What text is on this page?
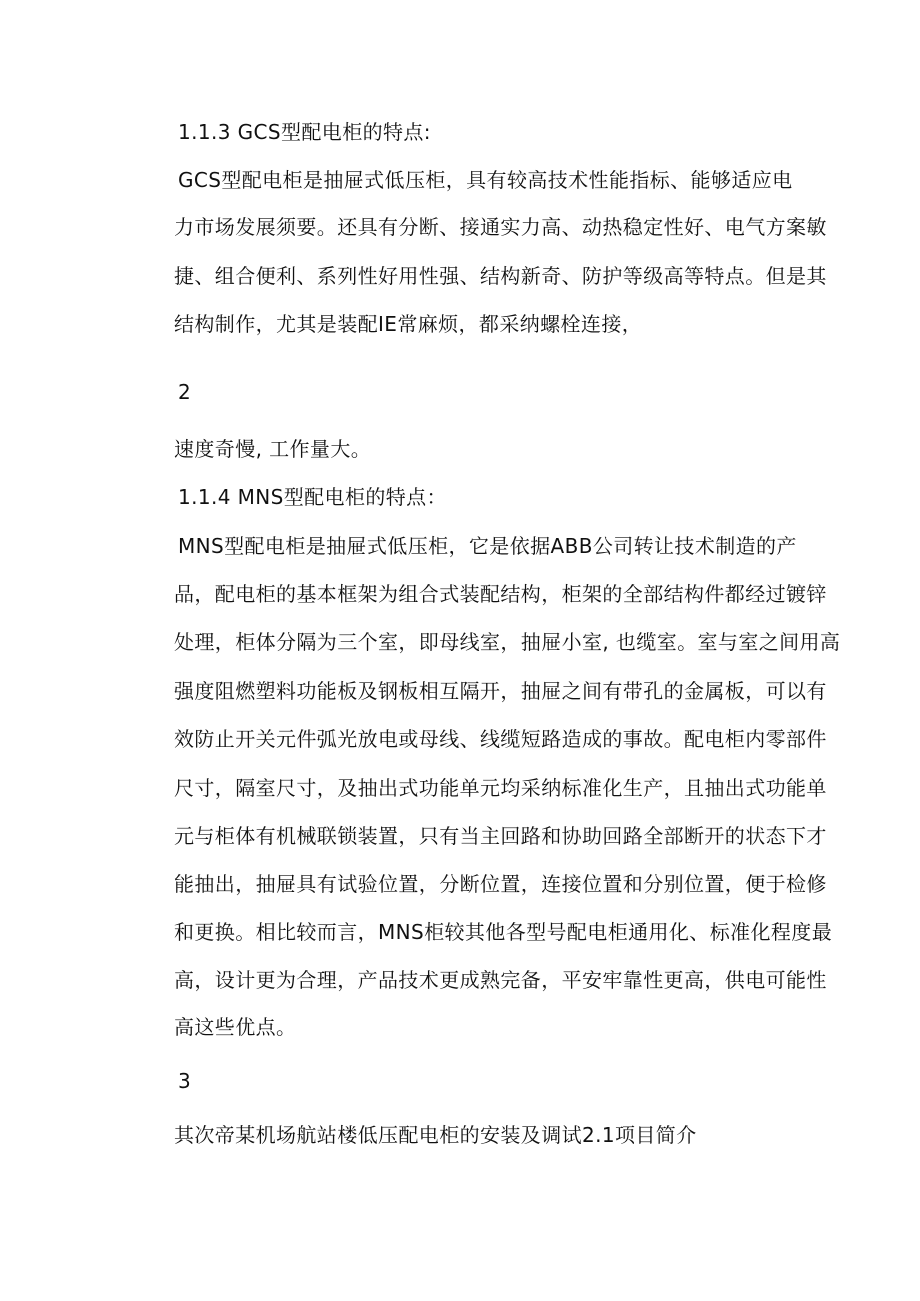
1.1.3 GCS型配电柜的特点:
GCS型配电柜是抽屉式低压柜，具有较高技术性能指标、能够适应电
力市场发展须要。还具有分断、接通实力高、动热稳定性好、电气方案敏
捷、组合便利、系列性好用性强、结构新奇、防护等级高等特点。但是其
结构制作，尤其是装配IE常麻烦，都采纳螺栓连接，
2
速度奇慢, 工作量大。
1.1.4 MNS型配电柜的特点：
MNS型配电柜是抽屉式低压柜，它是依据ABB公司转让技术制造的产
品，配电柜的基本框架为组合式装配结构，柜架的全部结构件都经过镀锌
处理，柜体分隔为三个室，即母线室，抽屉小室, 也缆室。室与室之间用高
强度阻燃塑料功能板及钢板相互隔开，抽屉之间有带孔的金属板，可以有
效防止开关元件弧光放电或母线、线缆短路造成的事故。配电柜内零部件
尺寸，隔室尺寸，及抽出式功能单元均采纳标准化生产，且抽出式功能单
元与柜体有机械联锁装置，只有当主回路和协助回路全部断开的状态下才
能抽出，抽屉具有试验位置，分断位置，连接位置和分别位置，便于检修
和更换。相比较而言，MNS柜较其他各型号配电柜通用化、标准化程度最
高，设计更为合理，产品技术更成熟完备，平安牢靠性更高，供电可能性
高这些优点。
3
其次帝某机场航站楼低压配电柜的安装及调试2.1项目简介
